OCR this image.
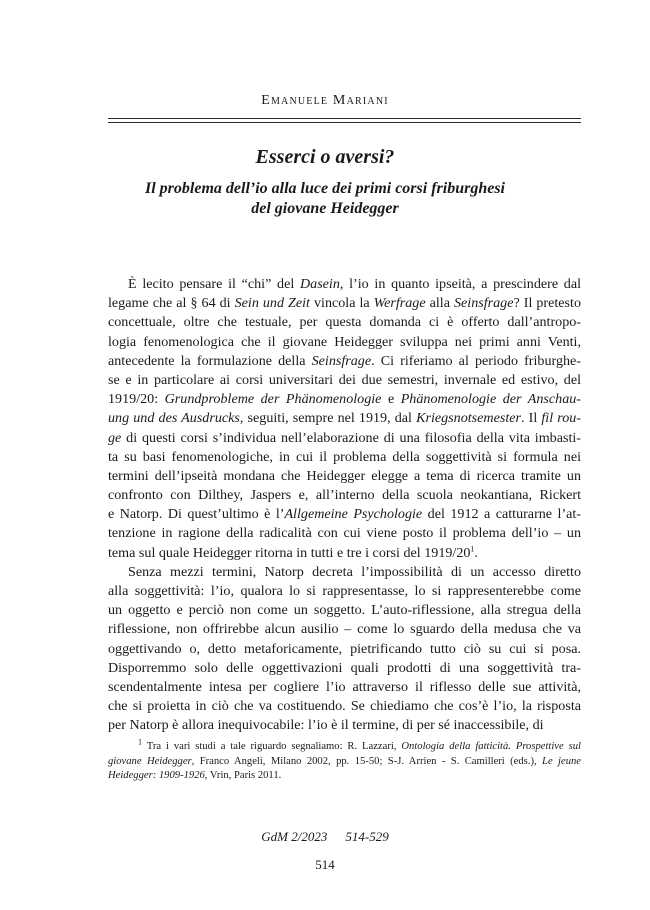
Emanuele Mariani
Esserci o aversi?
Il problema dell’io alla luce dei primi corsi friburghesi
del giovane Heidegger
È lecito pensare il “chi” del Dasein, l’io in quanto ipseità, a prescindere dal
legame che al § 64 di Sein und Zeit vincola la Werfrage alla Seinsfrage? Il pretesto
concettuale, oltre che testuale, per questa domanda ci è offerto dall’antropo-
logia fenomenologica che il giovane Heidegger sviluppa nei primi anni Venti,
antecedente la formulazione della Seinsfrage. Ci riferiamo al periodo friburghe-
se e in particolare ai corsi universitari dei due semestri, invernale ed estivo, del
1919/20: Grundprobleme der Phänomenologie e Phänomenologie der Anschau-
ung und des Ausdrucks, seguiti, sempre nel 1919, dal Kriegsnotsemester. Il fil rou-
ge di questi corsi s’individua nell’elaborazione di una filosofia della vita imbasti-
ta su basi fenomenologiche, in cui il problema della soggettività si formula nei
termini dell’ipseità mondana che Heidegger elegge a tema di ricerca tramite un
confronto con Dilthey, Jaspers e, all’interno della scuola neokantiana, Rickert
e Natorp. Di quest’ultimo è l’Allgemeine Psychologie del 1912 a catturarne l’at-
tenzione in ragione della radicalità con cui viene posto il problema dell’io – un
tema sul quale Heidegger ritorna in tutti e tre i corsi del $1919/20^1$.
Senza mezzi termini, Natorp decreta l’impossibilità di un accesso diretto
alla soggettività: l’io, qualora lo si rappresentasse, lo si rappresenterebbe come
un oggetto e perciò non come un soggetto. L’auto-riflessione, alla stregua della
riflessione, non offrirebbe alcun ausilio – come lo sguardo della medusa che va
oggettivando o, detto metaforicamente, pietrificando tutto ciò su cui si posa.
Disporremmo solo delle oggettivazioni quali prodotti di una soggettività tra-
scendentalmente intesa per cogliere l’io attraverso il riflesso delle sue attività,
che si proietta in ciò che va costituendo. Se chiediamo che cos’è l’io, la risposta
per Natorp è allora inequivocabile: l’io è il termine, di per sé inaccessibile, di
$^1$ Tra i vari studi a tale riguardo segnaliamo: R. Lazzari, Ontologia della fatticità. Prospettive sul
giovane Heidegger, Franco Angeli, Milano 2002, pp. 15-50; S-J. Arrien - S. Camilleri (eds.), Le jeune
Heidegger: 1909-1926, Vrin, Paris 2011.
GdM 2/2023 514-529
514
